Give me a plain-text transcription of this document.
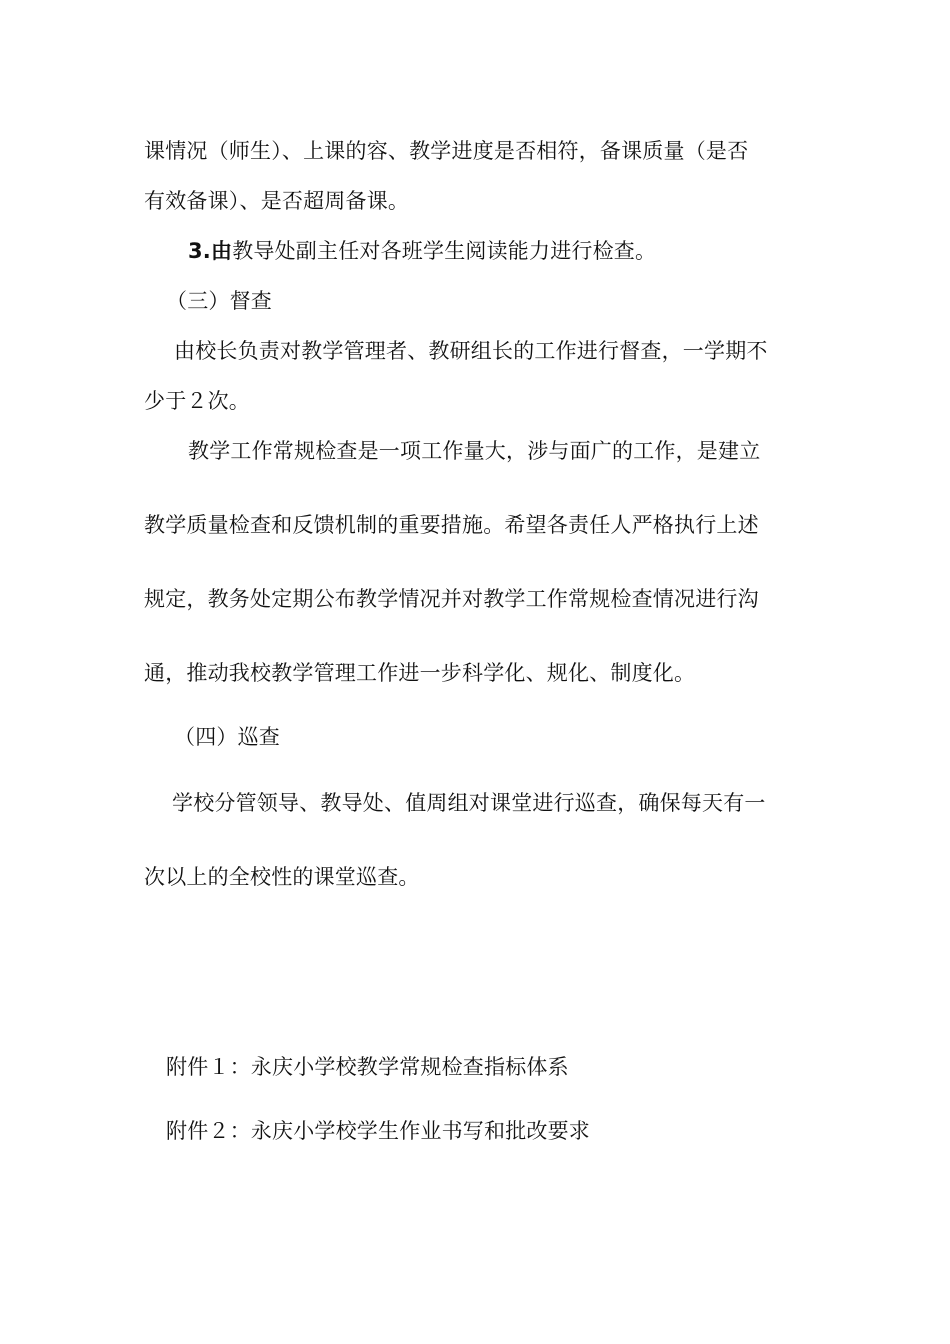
课情况（师生）、上课的容、教学进度是否相符，备课质量（是否
有效备课）、是否超周备课。
3.由教导处副主任对各班学生阅读能力进行检查。
（三）督查
由校长负责对教学管理者、教研组长的工作进行督查，一学期不
少于２次。
教学工作常规检查是一项工作量大，涉与面广的工作，是建立
教学质量检查和反馈机制的重要措施。希望各责任人严格执行上述
规定，教务处定期公布教学情况并对教学工作常规检查情况进行沟
通，推动我校教学管理工作进一步科学化、规化、制度化。
（四）巡查
学校分管领导、教导处、值周组对课堂进行巡查，确保每天有一
次以上的全校性的课堂巡查。
附件１：永庆小学校教学常规检查指标体系
附件２：永庆小学校学生作业书写和批改要求
